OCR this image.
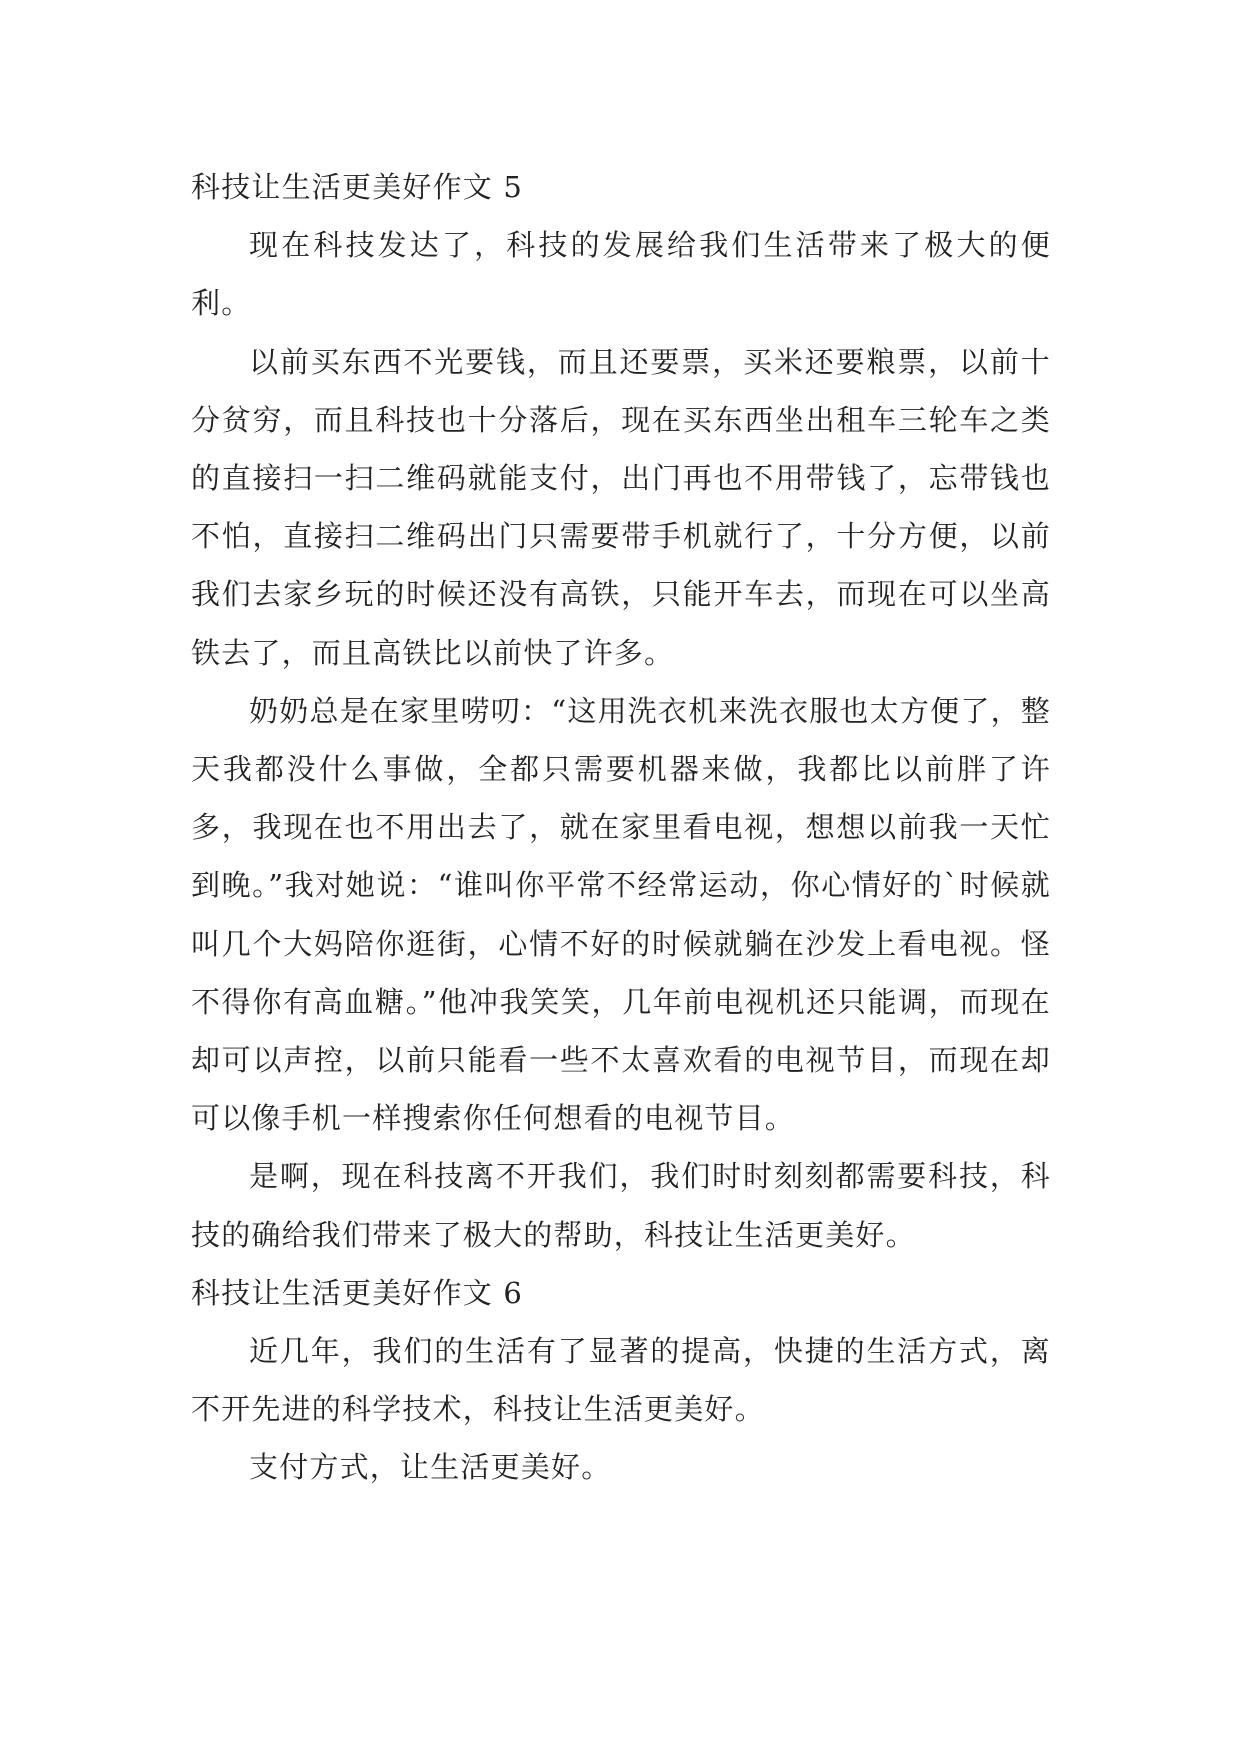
科技让生活更美好作文 5

现在科技发达了，科技的发展给我们生活带来了极大的便利。

以前买东西不光要钱，而且还要票，买米还要粮票，以前十分贫穷，而且科技也十分落后，现在买东西坐出租车三轮车之类的直接扫一扫二维码就能支付，出门再也不用带钱了，忘带钱也不怕，直接扫二维码出门只需要带手机就行了，十分方便，以前我们去家乡玩的时候还没有高铁，只能开车去，而现在可以坐高铁去了，而且高铁比以前快了许多。

奶奶总是在家里唠叨：“这用洗衣机来洗衣服也太方便了，整天我都没什么事做，全都只需要机器来做，我都比以前胖了许多，我现在也不用出去了，就在家里看电视，想想以前我一天忙到晚。”我对她说：“谁叫你平常不经常运动，你心情好的`时候就叫几个大妈陪你逛街，心情不好的时候就躺在沙发上看电视。怪不得你有高血糖。”他冲我笑笑，几年前电视机还只能调，而现在却可以声控，以前只能看一些不太喜欢看的电视节目，而现在却可以像手机一样搜索你任何想看的电视节目。

是啊，现在科技离不开我们，我们时时刻刻都需要科技，科技的确给我们带来了极大的帮助，科技让生活更美好。

科技让生活更美好作文 6

近几年，我们的生活有了显著的提高，快捷的生活方式，离不开先进的科学技术，科技让生活更美好。

支付方式，让生活更美好。
